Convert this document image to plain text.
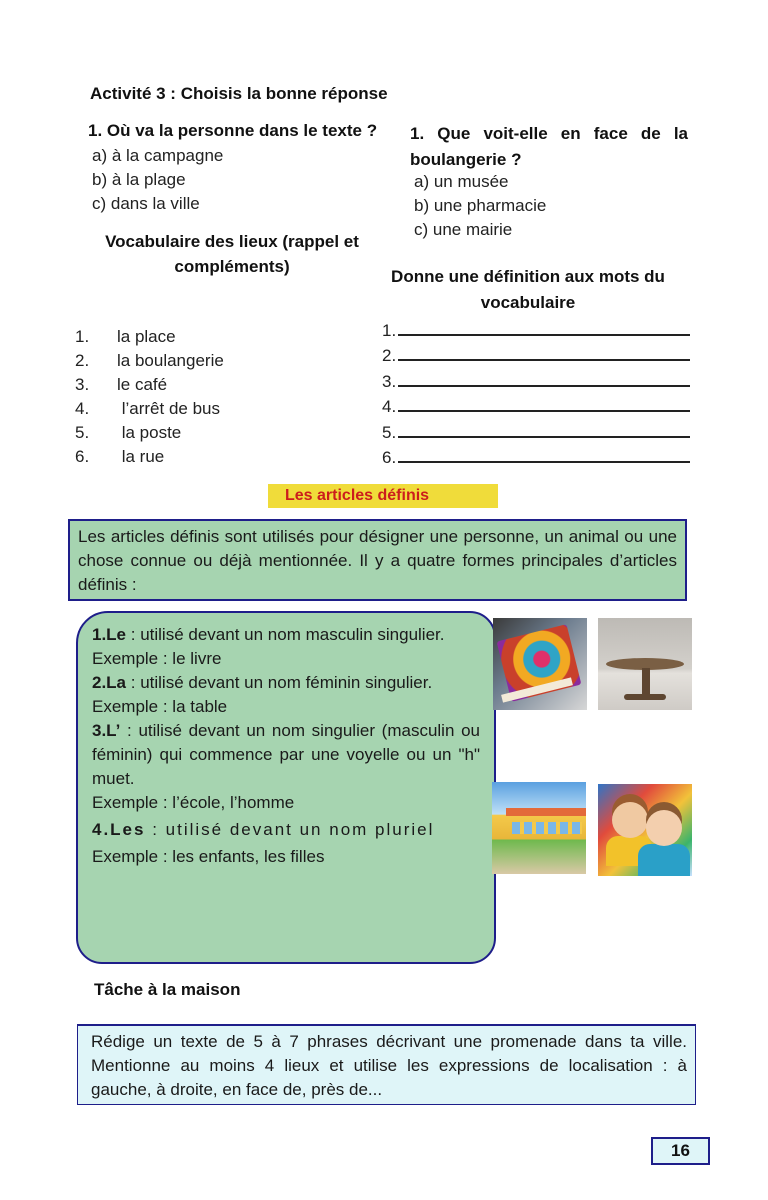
Activité 3 : Choisis la bonne réponse
1. Où va la personne dans le texte ?
a) à la campagne
b) à la plage
c) dans la ville
1. Que voit-elle en face de la boulangerie ?
a) un musée
b) une pharmacie
c) une mairie
Vocabulaire des lieux (rappel et compléments)
1.	la place
2.	la boulangerie
3.	le café
4.	l’arrêt de bus
5.	la poste
6.	la rue
Donne une définition aux mots du vocabulaire
1.
2.
3.
4.
5.
6.
Les articles définis
Les articles définis sont utilisés pour désigner une personne, un animal ou une chose connue ou déjà mentionnée. Il y a quatre formes principales d’articles définis :

1.Le : utilisé devant un nom masculin singulier.

Exemple : le livre

2.La : utilisé devant un nom féminin singulier.

Exemple : la table

3.L’ : utilisé devant un nom singulier (masculin ou féminin) qui commence par une voyelle ou un "h" muet.

Exemple : l’école, l’homme

4.Les : utilisé devant un nom pluriel

Exemple : les enfants, les filles

Tâche à la maison
Rédige un texte de 5 à 7 phrases décrivant une promenade dans ta ville. Mentionne au moins 4 lieux et utilise les expressions de localisation : à gauche, à droite, en face de, près de...
16
